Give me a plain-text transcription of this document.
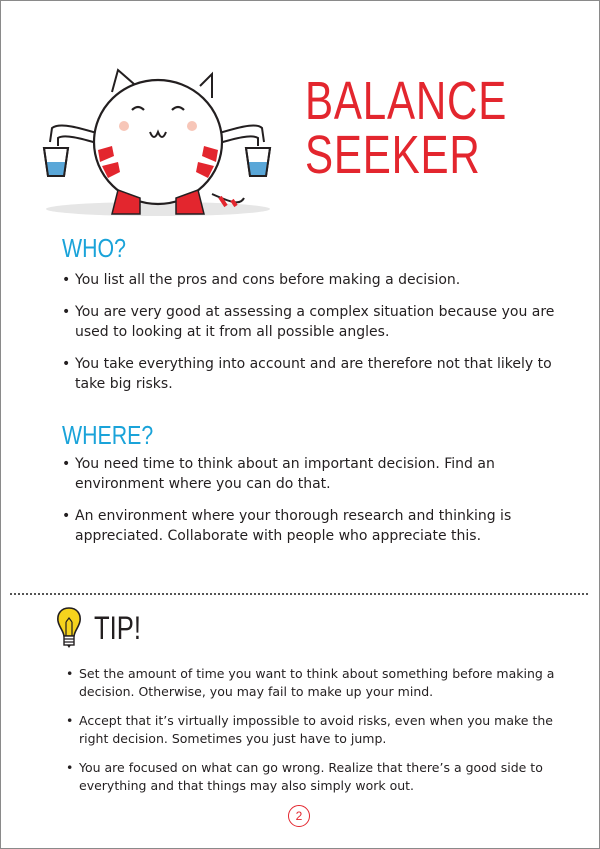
BALANCE
SEEKER
WHO?
• You list all the pros and cons before making a decision.
• You are very good at assessing a complex situation because you are used to looking at it from all possible angles.
• You take everything into account and are therefore not that likely to take big risks.
WHERE?
• You need time to think about an important decision. Find an environment where you can do that.
• An environment where your thorough research and thinking is appreciated. Collaborate with people who appreciate this.
TIP!
• Set the amount of time you want to think about something before making a decision. Otherwise, you may fail to make up your mind.
• Accept that it’s virtually impossible to avoid risks, even when you make the right decision. Sometimes you just have to jump.
• You are focused on what can go wrong. Realize that there’s a good side to everything and that things may also simply work out.
2
